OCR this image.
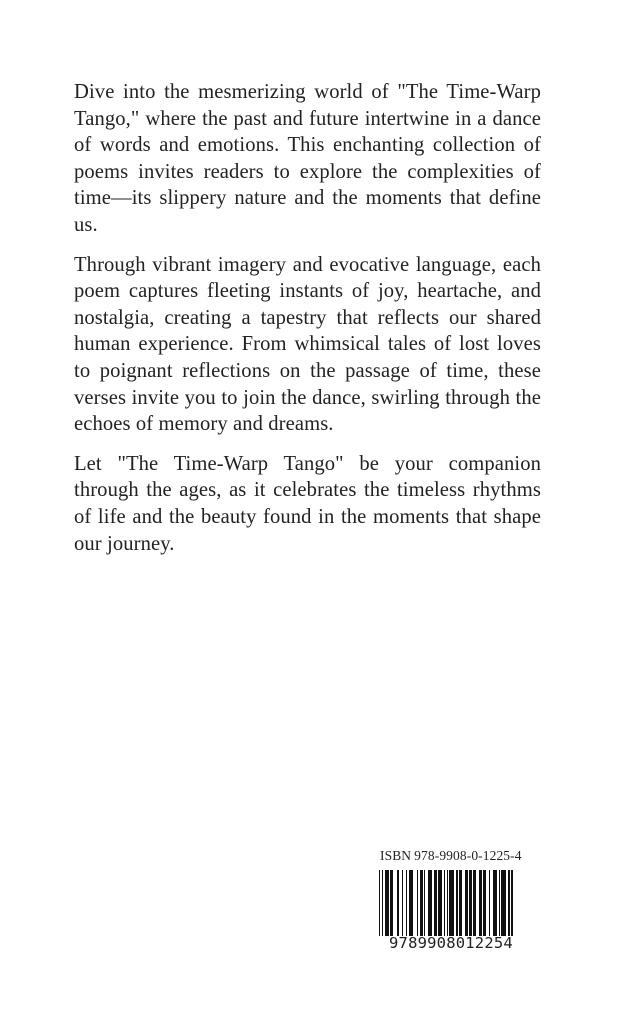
Dive into the mesmerizing world of "The Time-Warp Tango," where the past and future intertwine in a dance of words and emotions. This enchanting collection of poems invites readers to explore the complexities of time—its slippery nature and the moments that define us.

Through vibrant imagery and evocative language, each poem captures fleeting instants of joy, heartache, and nostalgia, creating a tapestry that reflects our shared human experience. From whimsical tales of lost loves to poignant reflections on the passage of time, these verses invite you to join the dance, swirling through the echoes of memory and dreams.

Let "The Time-Warp Tango" be your companion through the ages, as it celebrates the timeless rhythms of life and the beauty found in the moments that shape our journey.

ISBN 978-9908-0-1225-4
9789908012254
